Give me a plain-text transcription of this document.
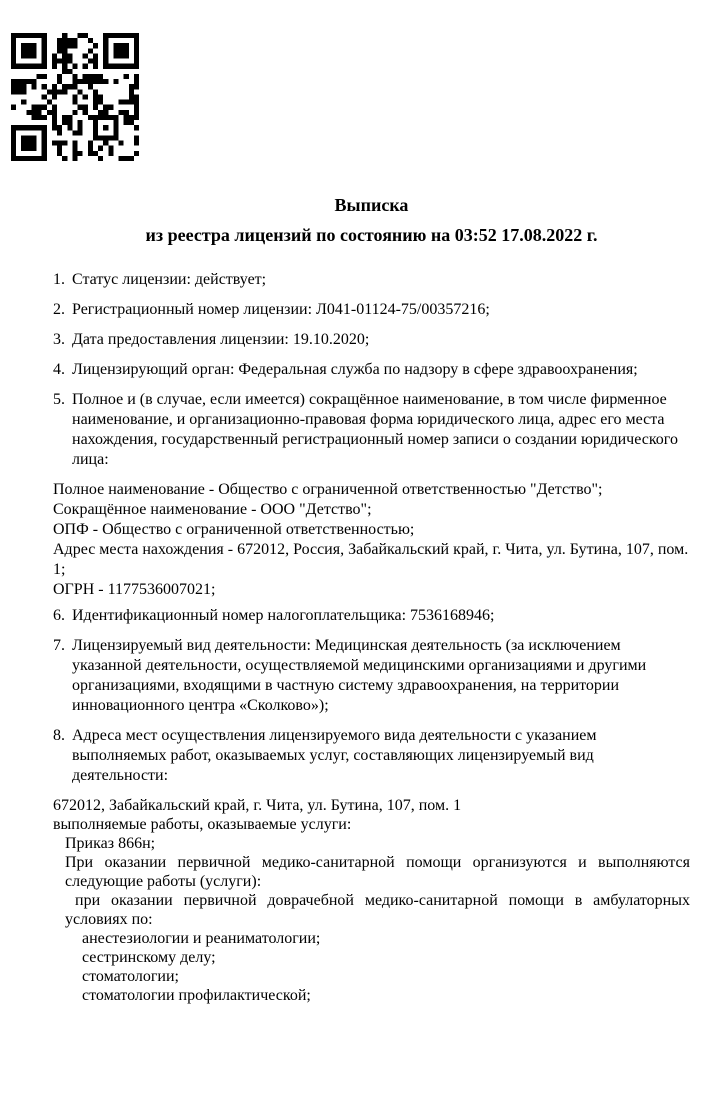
Выписка

из реестра лицензий по состоянию на 03:52 17.08.2022 г.

1. Статус лицензии: действует;

2. Регистрационный номер лицензии: Л041-01124-75/00357216;

3. Дата предоставления лицензии: 19.10.2020;

4. Лицензирующий орган: Федеральная служба по надзору в сфере здравоохранения;

5. Полное и (в случае, если имеется) сокращённое наименование, в том числе фирменное наименование, и организационно-правовая форма юридического лица, адрес его места нахождения, государственный регистрационный номер записи о создании юридического лица:

Полное наименование - Общество с ограниченной ответственностью "Детство";

Сокращённое наименование - ООО "Детство";

ОПФ - Общество с ограниченной ответственностью;

Адрес места нахождения - 672012, Россия, Забайкальский край, г. Чита, ул. Бутина, 107, пом. 1;

ОГРН - 1177536007021;

6. Идентификационный номер налогоплательщика: 7536168946;

7. Лицензируемый вид деятельности: Медицинская деятельность (за исключением указанной деятельности, осуществляемой медицинскими организациями и другими организациями, входящими в частную систему здравоохранения, на территории инновационного центра «Сколково»);

8. Адреса мест осуществления лицензируемого вида деятельности с указанием выполняемых работ, оказываемых услуг, составляющих лицензируемый вид деятельности:

672012, Забайкальский край, г. Чита, ул. Бутина, 107, пом. 1

выполняемые работы, оказываемые услуги:

Приказ 866н;

При оказании первичной медико-санитарной помощи организуются и выполняются следующие работы (услуги):

при оказании первичной доврачебной медико-санитарной помощи в амбулаторных условиях по:

анестезиологии и реаниматологии;

сестринскому делу;

стоматологии;

стоматологии профилактической;
